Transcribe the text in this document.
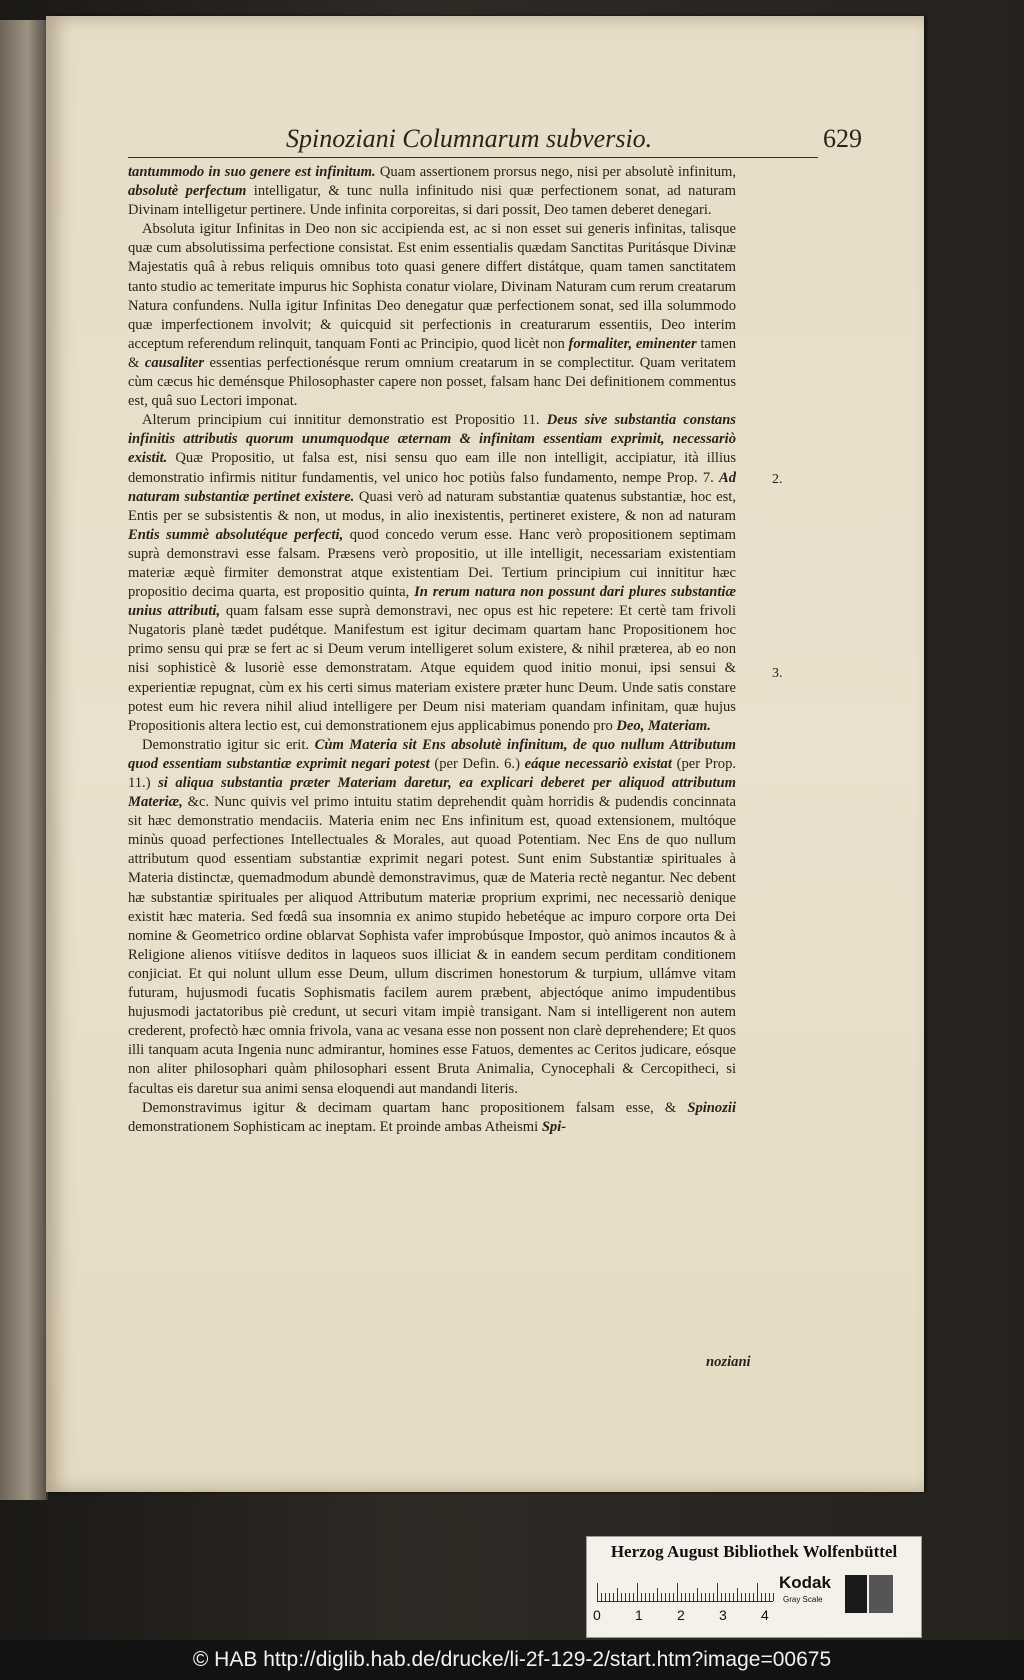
Spinoziani Columnarum subversio.	629

tantummodo in suo genere est infinitum. Quam assertionem prorsus nego, nisi per absolutè infinitum, absolutè perfectum intelligatur, & tunc nulla infinitudo nisi quæ perfectionem sonat, ad naturam Divinam intelligetur pertinere. Unde infinita corporeitas, si dari possit, Deo tamen deberet denegari.

Absoluta igitur Infinitas in Deo non sic accipienda est, ac si non esset sui generis infinitas, talisque quæ cum absolutissima perfectione consistat. Est enim essentialis quædam Sanctitas Puritásque Divinæ Majestatis quâ à rebus reliquis omnibus toto quasi genere differt distátque, quam tamen sanctitatem tanto studio ac temeritate impurus hic Sophista conatur violare, Divinam Naturam cum rerum creatarum Natura confundens. Nulla igitur Infinitas Deo denegatur quæ perfectionem sonat, sed illa solummodo quæ imperfectionem involvit; & quicquid sit perfectionis in creaturarum essentiis, Deo interim acceptum referendum relinquit, tanquam Fonti ac Principio, quod licèt non formaliter, eminenter tamen & causaliter essentias perfectionésque rerum omnium creatarum in se complectitur. Quam veritatem cùm cæcus hic deménsque Philosophaster capere non posset, falsam hanc Dei definitionem commentus est, quâ suo Lectori imponat.

Alterum principium cui innititur demonstratio est Propositio 11. Deus sive substantia constans infinitis attributis quorum unumquodque æternam & infinitam essentiam exprimit, necessariò existit. Quæ Propositio, ut falsa est, nisi sensu quo eam ille non intelligit, accipiatur, ità illius demonstratio infirmis nititur fundamentis, vel unico hoc potiùs falso fundamento, nempe Prop. 7. Ad naturam substantiæ pertinet existere. Quasi verò ad naturam substantiæ quatenus substantiæ, hoc est, Entis per se subsistentis & non, ut modus, in alio inexistentis, pertineret existere, & non ad naturam Entis summè absolutéque perfecti, quod concedo verum esse. Hanc verò propositionem septimam suprà demonstravi esse falsam. Præsens verò propositio, ut ille intelligit, necessariam existentiam materiæ æquè firmiter demonstrat atque existentiam Dei. Tertium principium cui innititur hæc propositio decima quarta, est propositio quinta, In rerum natura non possunt dari plures substantiæ unius attributi, quam falsam esse suprà demonstravi, nec opus est hic repetere: Et certè tam frivoli Nugatoris planè tædet pudétque. Manifestum est igitur decimam quartam hanc Propositionem hoc primo sensu qui præ se fert ac si Deum verum intelligeret solum existere, & nihil præterea, ab eo non nisi sophisticè & lusoriè esse demonstratam. Atque equidem quod initio monui, ipsi sensui & experientiæ repugnat, cùm ex his certi simus materiam existere præter hunc Deum. Unde satis constare potest eum hic revera nihil aliud intelligere per Deum nisi materiam quandam infinitam, quæ hujus Propositionis altera lectio est, cui demonstrationem ejus applicabimus ponendo pro Deo, Materiam.

Demonstratio igitur sic erit. Cùm Materia sit Ens absolutè infinitum, de quo nullum Attributum quod essentiam substantiæ exprimit negari potest (per Defin. 6.) eáque necessariò existat (per Prop. 11.) si aliqua substantia præter Materiam daretur, ea explicari deberet per aliquod attributum Materiæ, &c. Nunc quivis vel primo intuitu statim deprehendit quàm horridis & pudendis concinnata sit hæc demonstratio mendaciis. Materia enim nec Ens infinitum est, quoad extensionem, multóque minùs quoad perfectiones Intellectuales & Morales, aut quoad Potentiam. Nec Ens de quo nullum attributum quod essentiam substantiæ exprimit negari potest. Sunt enim Substantiæ spirituales à Materia distinctæ, quemadmodum abundè demonstravimus, quæ de Materia rectè negantur. Nec debent hæ substantiæ spirituales per aliquod Attributum materiæ proprium exprimi, nec necessariò denique existit hæc materia. Sed fœdâ sua insomnia ex animo stupido hebetéque ac impuro corpore orta Dei nomine & Geometrico ordine oblarvat Sophista vafer improbúsque Impostor, quò animos incautos & à Religione alienos vitiísve deditos in laqueos suos illiciat & in eandem secum perditam conditionem conjiciat. Et qui nolunt ullum esse Deum, ullum discrimen honestorum & turpium, ullámve vitam futuram, hujusmodi fucatis Sophismatis facilem aurem præbent, abjectóque animo impudentibus hujusmodi jactatoribus piè credunt, ut securi vitam impiè transigant. Nam si intelligerent non autem crederent, profectò hæc omnia frivola, vana ac vesana esse non possent non clarè deprehendere; Et quos illi tanquam acuta Ingenia nunc admirantur, homines esse Fatuos, dementes ac Ceritos judicare, eósque non aliter philosophari quàm philosophari essent Bruta Animalia, Cynocephali & Cercopitheci, si facultas eis daretur sua animi sensa eloquendi aut mandandi literis.

Demonstravimus igitur & decimam quartam hanc propositionem falsam esse, & Spinozii demonstrationem Sophisticam ac ineptam. Et proinde ambas Atheismi Spi-

2.
3.
noziani
Herzog August Bibliothek Wolfenbüttel
0 1 2 3 4
Kodak
Gray Scale
© HAB http://diglib.hab.de/drucke/li-2f-129-2/start.htm?image=00675
